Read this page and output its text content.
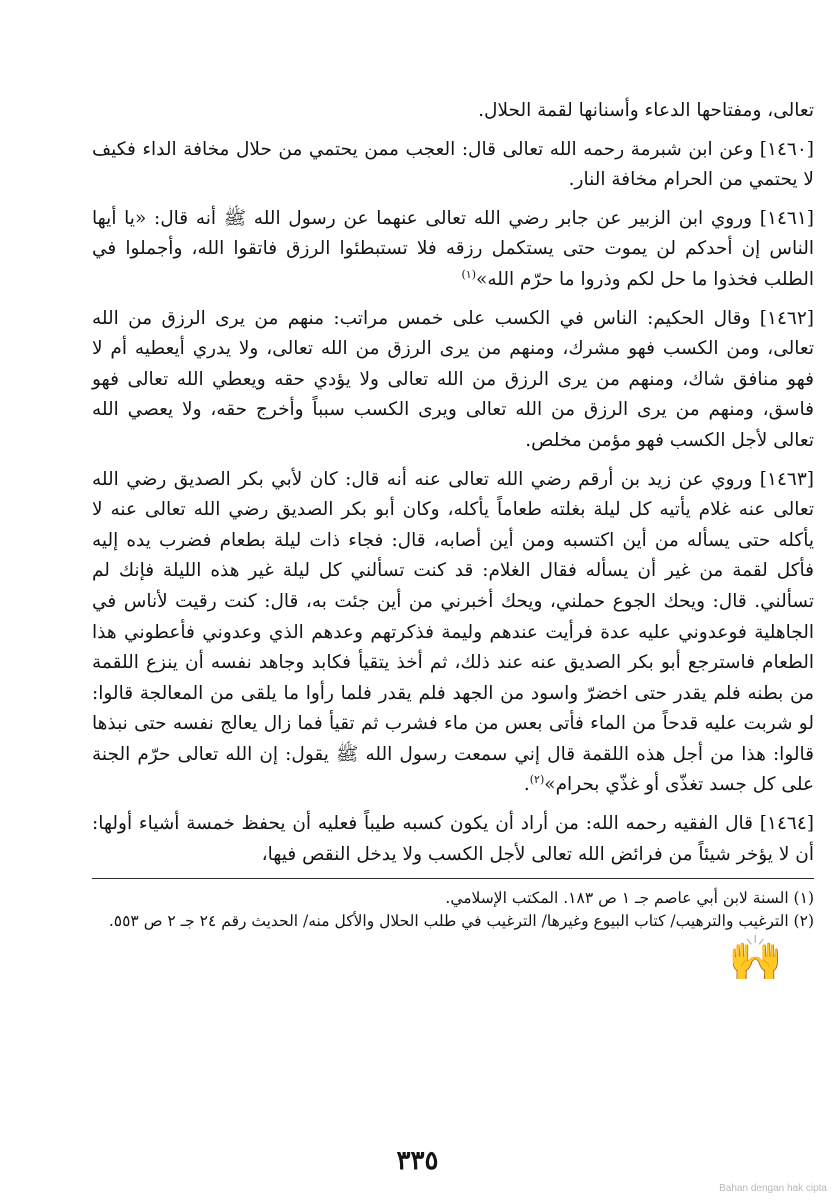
تعالى، ومفتاحها الدعاء وأسنانها لقمة الحلال.

[١٤٦٠] وعن ابن شبرمة رحمه الله تعالى قال: العجب ممن يحتمي من حلال مخافة الداء فكيف لا يحتمي من الحرام مخافة النار.

[١٤٦١] وروي ابن الزبير عن جابر رضي الله تعالى عنهما عن رسول الله ﷺ أنه قال: «يا أيها الناس إن أحدكم لن يموت حتى يستكمل رزقه فلا تستبطئوا الرزق فاتقوا الله، وأجملوا في الطلب فخذوا ما حل لكم وذروا ما حرّم الله»$^{(١)}$

[١٤٦٢] وقال الحكيم: الناس في الكسب على خمس مراتب: منهم من يرى الرزق من الله تعالى، ومن الكسب فهو مشرك، ومنهم من يرى الرزق من الله تعالى، ولا يدري أيعطيه أم لا فهو منافق شاك، ومنهم من يرى الرزق من الله تعالى ولا يؤدي حقه ويعطي الله تعالى فهو فاسق، ومنهم من يرى الرزق من الله تعالى ويرى الكسب سبباً وأخرج حقه، ولا يعصي الله تعالى لأجل الكسب فهو مؤمن مخلص.

[١٤٦٣] وروي عن زيد بن أرقم رضي الله تعالى عنه أنه قال: كان لأبي بكر الصديق رضي الله تعالى عنه غلام يأتيه كل ليلة بغلته طعاماً يأكله، وكان أبو بكر الصديق رضي الله تعالى عنه لا يأكله حتى يسأله من أين اكتسبه ومن أين أصابه، قال: فجاء ذات ليلة بطعام فضرب يده إليه فأكل لقمة من غير أن يسأله فقال الغلام: قد كنت تسألني كل ليلة غير هذه الليلة فإنك لم تسألني. قال: ويحك الجوع حملني، ويحك أخبرني من أين جئت به، قال: كنت رقيت لأناس في الجاهلية فوعدوني عليه عدة فرأيت عندهم وليمة فذكرتهم وعدهم الذي وعدوني فأعطوني هذا الطعام فاسترجع أبو بكر الصديق عنه عند ذلك، ثم أخذ يتقيأ فكابد وجاهد نفسه أن ينزع اللقمة من بطنه فلم يقدر حتى اخضرّ واسود من الجهد فلم يقدر فلما رأوا ما يلقى من المعالجة قالوا: لو شربت عليه قدحاً من الماء فأتى بعس من ماء فشرب ثم تقيأ فما زال يعالج نفسه حتى نبذها قالوا: هذا من أجل هذه اللقمة قال إني سمعت رسول الله ﷺ يقول: إن الله تعالى حرّم الجنة على كل جسد تغذّى أو غذّي بحرام»$^{(٢)}$.

[١٤٦٤] قال الفقيه رحمه الله: من أراد أن يكون كسبه طيباً فعليه أن يحفظ خمسة أشياء أولها: أن لا يؤخر شيئاً من فرائض الله تعالى لأجل الكسب ولا يدخل النقص فيها،

(١) السنة لابن أبي عاصم جـ ١ ص ١٨٣. المكتب الإسلامي.

(٢) الترغيب والترهيب/ كتاب البيوع وغيرها/ الترغيب في طلب الحلال والأكل منه/ الحديث رقم ٢٤ جـ ٢ ص ٥٥٣.

🙌
٣٣٥
Bahan dengan hak cipta
